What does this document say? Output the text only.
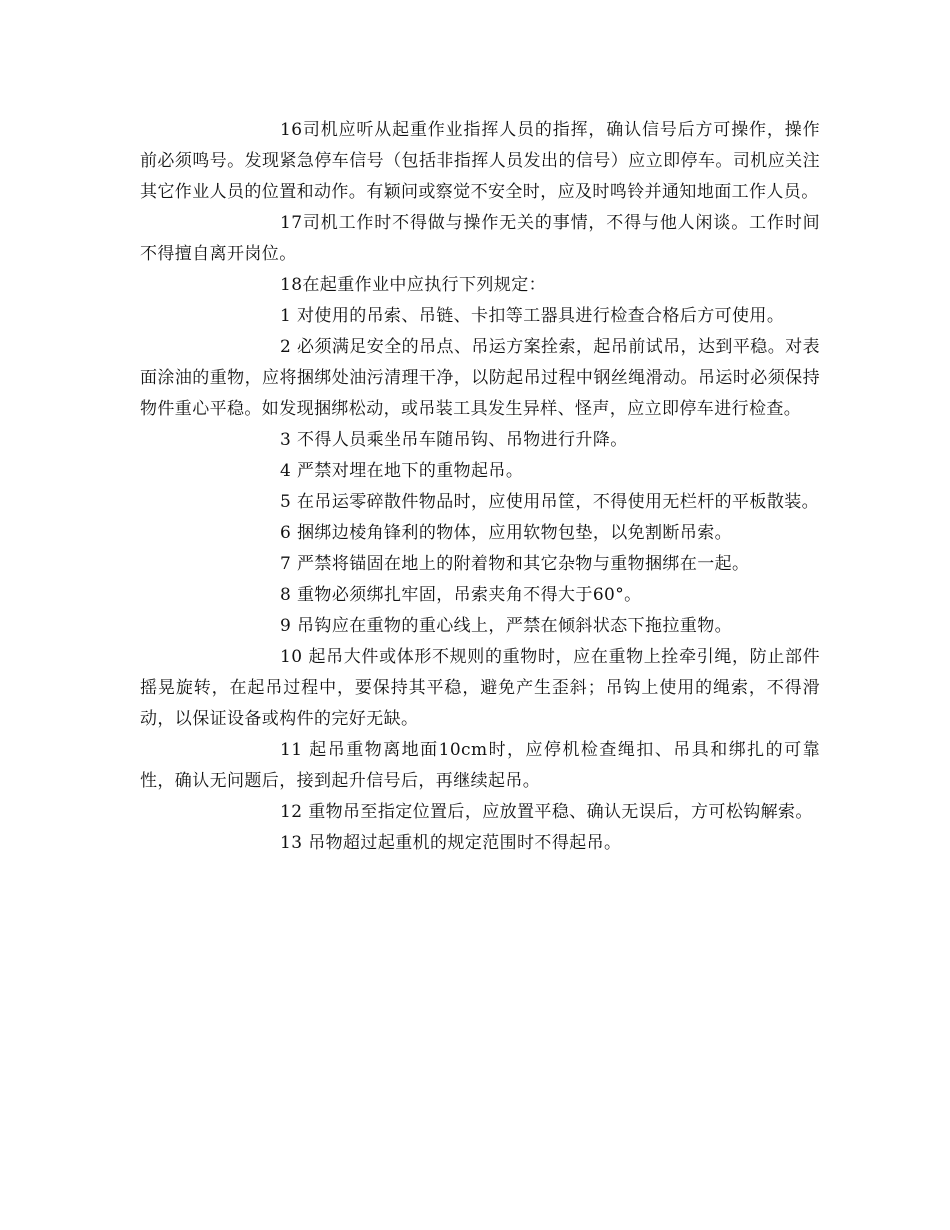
16司机应听从起重作业指挥人员的指挥，确认信号后方可操作，操作前必须鸣号。发现紧急停车信号（包括非指挥人员发出的信号）应立即停车。司机应关注其它作业人员的位置和动作。有颖问或察觉不安全时，应及时鸣铃并通知地面工作人员。

17司机工作时不得做与操作无关的事情，不得与他人闲谈。工作时间不得擅自离开岗位。

18在起重作业中应执行下列规定：

1 对使用的吊索、吊链、卡扣等工器具进行检查合格后方可使用。

2 必须满足安全的吊点、吊运方案拴索，起吊前试吊，达到平稳。对表面涂油的重物，应将捆绑处油污清理干净，以防起吊过程中钢丝绳滑动。吊运时必须保持物件重心平稳。如发现捆绑松动，或吊装工具发生异样、怪声，应立即停车进行检查。

3 不得人员乘坐吊车随吊钩、吊物进行升降。

4 严禁对埋在地下的重物起吊。

5 在吊运零碎散件物品时，应使用吊筐，不得使用无栏杆的平板散装。

6 捆绑边棱角锋利的物体，应用软物包垫，以免割断吊索。

7 严禁将锚固在地上的附着物和其它杂物与重物捆绑在一起。

8 重物必须绑扎牢固，吊索夹角不得大于60°。

9 吊钩应在重物的重心线上，严禁在倾斜状态下拖拉重物。

10 起吊大件或体形不规则的重物时，应在重物上拴牵引绳，防止部件摇晃旋转，在起吊过程中，要保持其平稳，避免产生歪斜；吊钩上使用的绳索，不得滑动，以保证设备或构件的完好无缺。

11 起吊重物离地面10cm时，应停机检查绳扣、吊具和绑扎的可靠性，确认无问题后，接到起升信号后，再继续起吊。

12 重物吊至指定位置后，应放置平稳、确认无误后，方可松钩解索。

13 吊物超过起重机的规定范围时不得起吊。
